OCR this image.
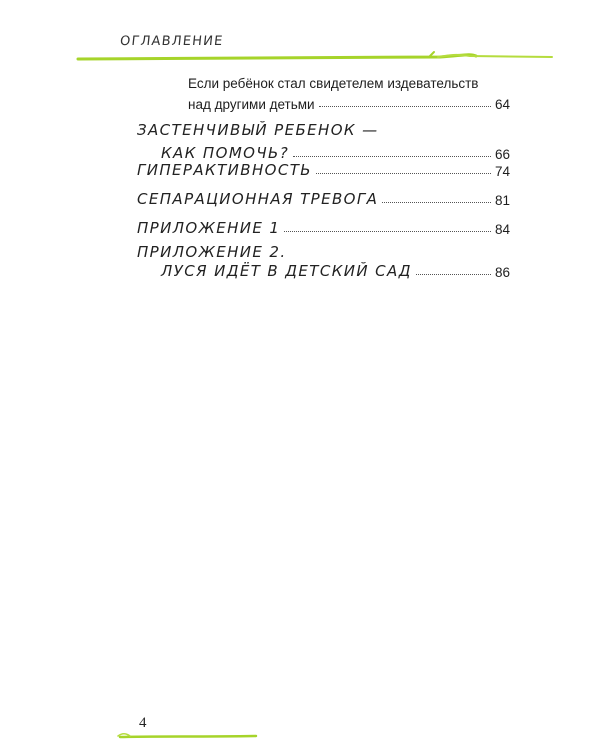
ОГЛАВЛЕНИЕ
Если ребёнок стал свидетелем издевательств
над другими детьми	64
ЗАСТЕНЧИВЫЙ РЕБЕНОК —
КАК ПОМОЧЬ?	66
ГИПЕРАКТИВНОСТЬ	74
СЕПАРАЦИОННАЯ ТРЕВОГА	81
ПРИЛОЖЕНИЕ 1	84
ПРИЛОЖЕНИЕ 2.
ЛУСЯ ИДЁТ В ДЕТСКИЙ САД	86
4
